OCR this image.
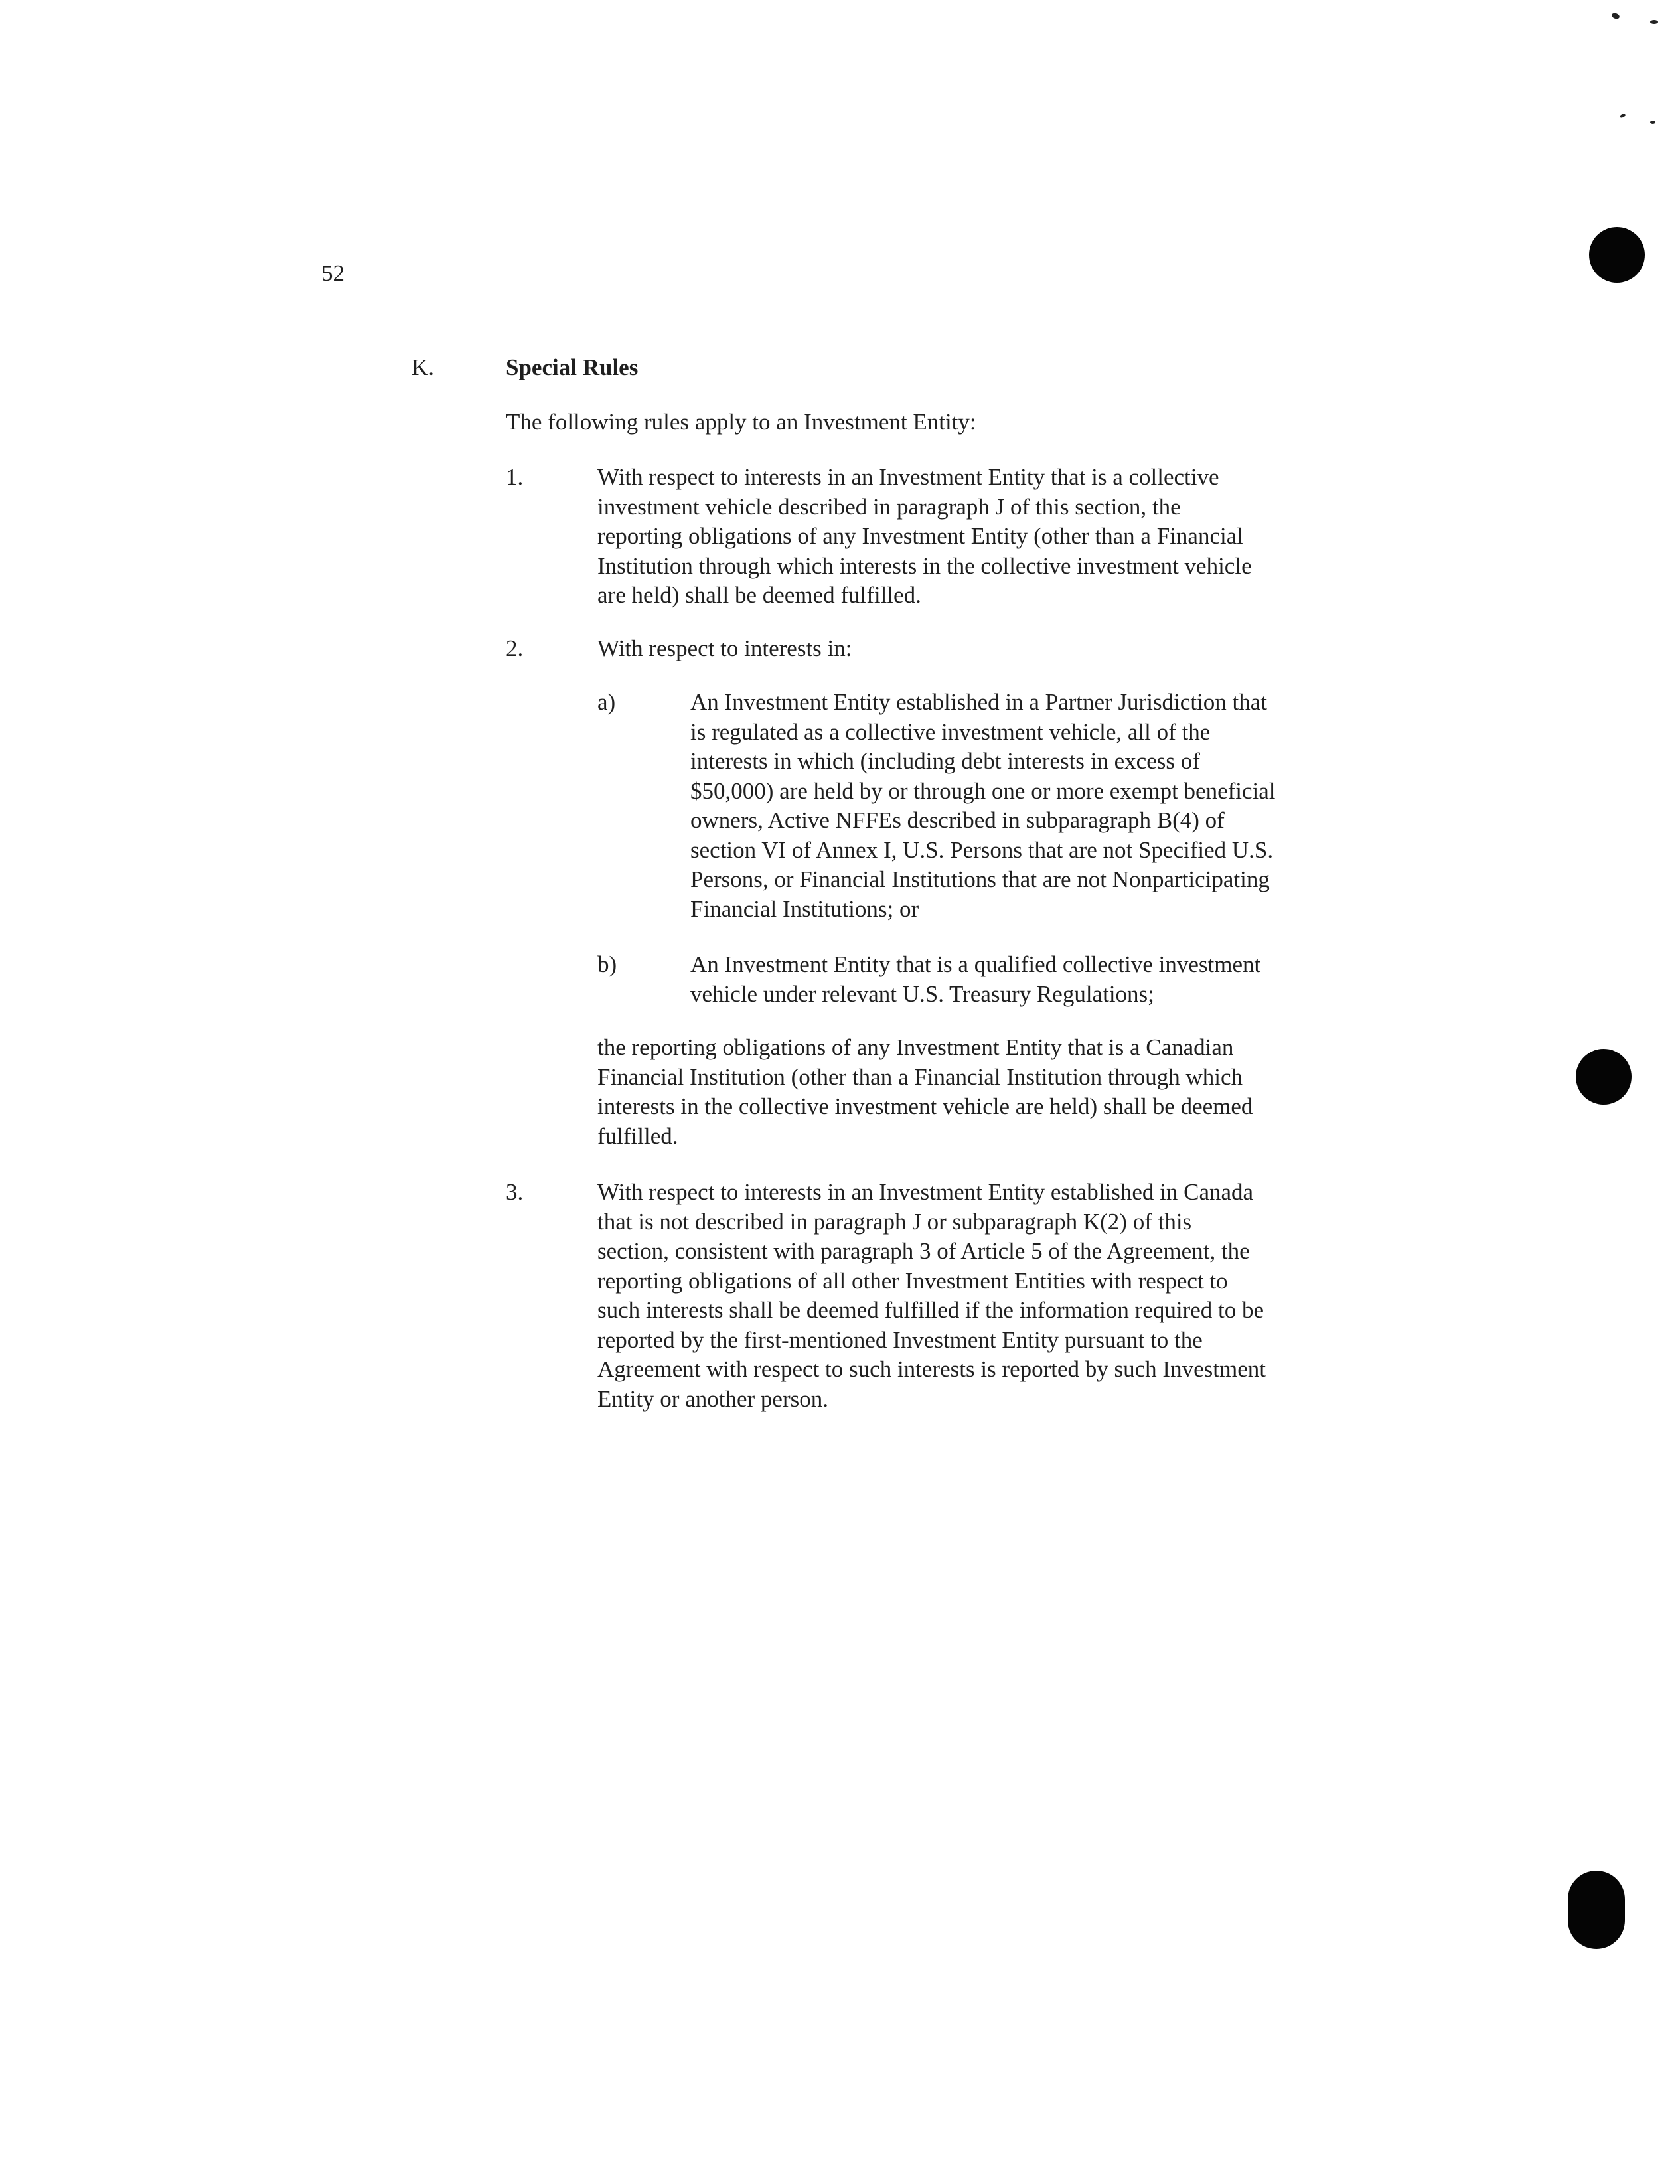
52
K.	Special Rules
The following rules apply to an Investment Entity:
1.	With respect to interests in an Investment Entity that is a collective
investment vehicle described in paragraph J of this section, the
reporting obligations of any Investment Entity (other than a Financial
Institution through which interests in the collective investment vehicle
are held) shall be deemed fulfilled.
2.	With respect to interests in:
a)	An Investment Entity established in a Partner Jurisdiction that
is regulated as a collective investment vehicle, all of the
interests in which (including debt interests in excess of
$50,000) are held by or through one or more exempt beneficial
owners, Active NFFEs described in subparagraph B(4) of
section VI of Annex I, U.S. Persons that are not Specified U.S.
Persons, or Financial Institutions that are not Nonparticipating
Financial Institutions; or
b)	An Investment Entity that is a qualified collective investment
vehicle under relevant U.S. Treasury Regulations;
the reporting obligations of any Investment Entity that is a Canadian
Financial Institution (other than a Financial Institution through which
interests in the collective investment vehicle are held) shall be deemed
fulfilled.
3.	With respect to interests in an Investment Entity established in Canada
that is not described in paragraph J or subparagraph K(2) of this
section, consistent with paragraph 3 of Article 5 of the Agreement, the
reporting obligations of all other Investment Entities with respect to
such interests shall be deemed fulfilled if the information required to be
reported by the first-mentioned Investment Entity pursuant to the
Agreement with respect to such interests is reported by such Investment
Entity or another person.
